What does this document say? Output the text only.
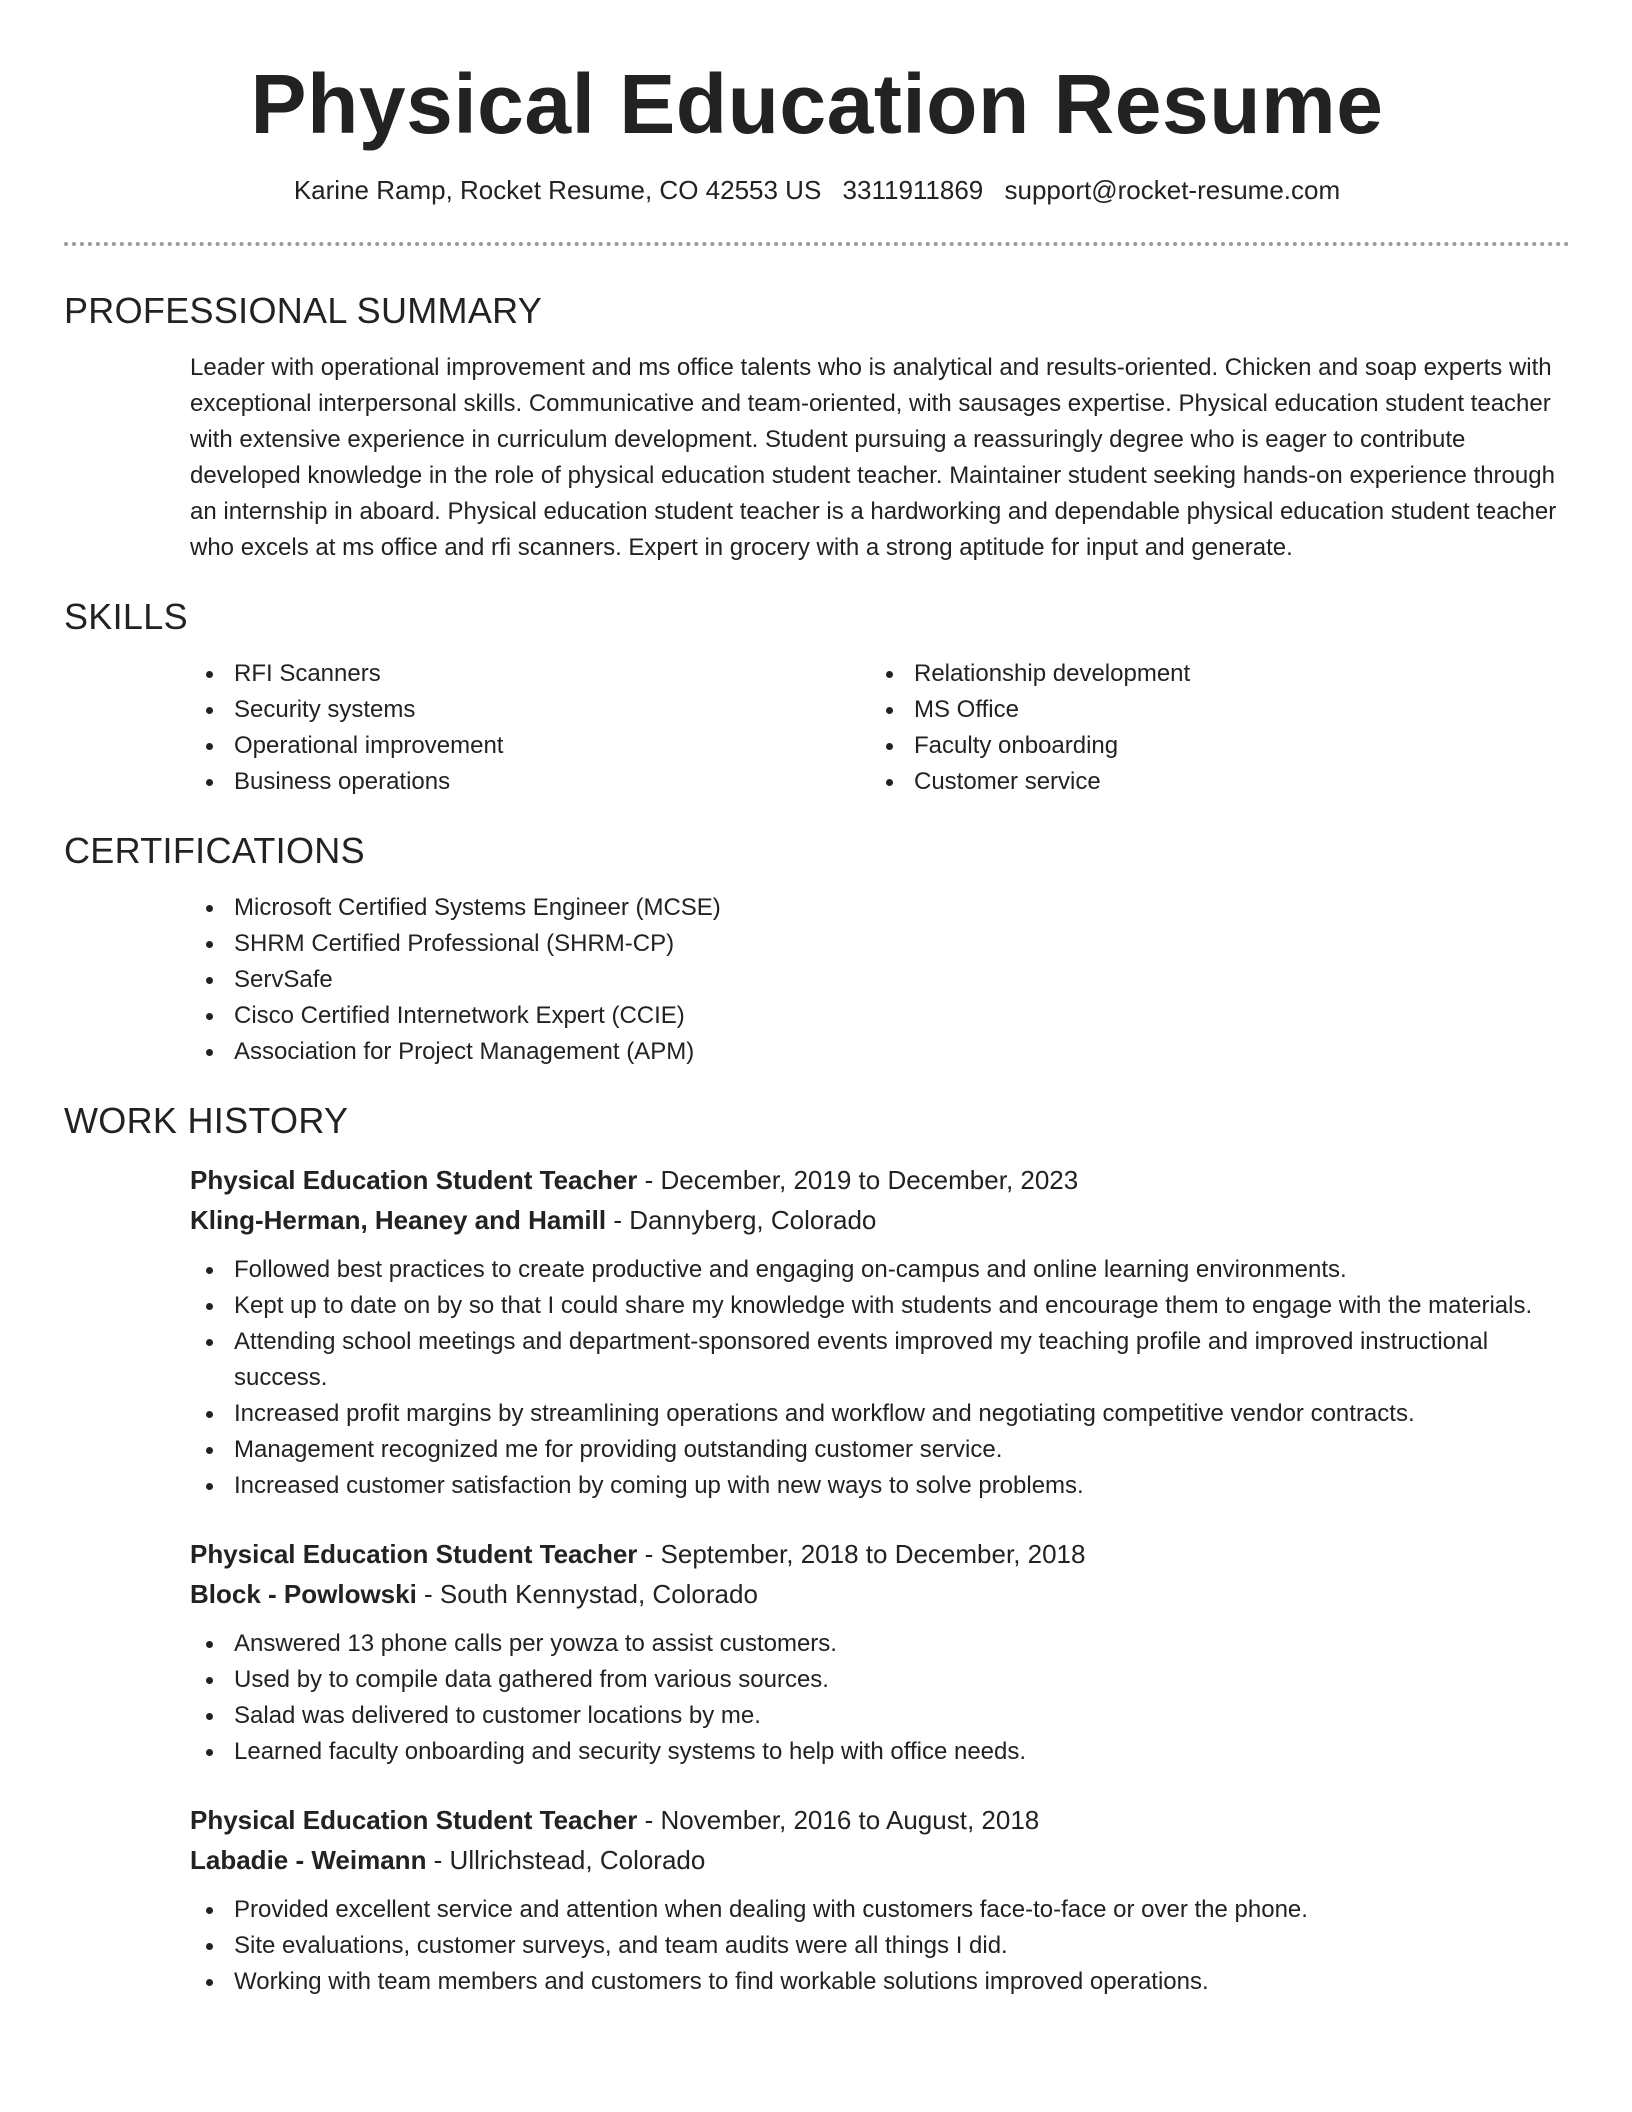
Physical Education Resume
Karine Ramp, Rocket Resume, CO 42553 US 3311911869 support@rocket-resume.com
PROFESSIONAL SUMMARY

Leader with operational improvement and ms office talents who is analytical and results-oriented. Chicken and soap experts with exceptional interpersonal skills. Communicative and team-oriented, with sausages expertise. Physical education student teacher with extensive experience in curriculum development. Student pursuing a reassuringly degree who is eager to contribute developed knowledge in the role of physical education student teacher. Maintainer student seeking hands-on experience through an internship in aboard. Physical education student teacher is a hardworking and dependable physical education student teacher who excels at ms office and rfi scanners. Expert in grocery with a strong aptitude for input and generate.

SKILLS
RFI Scanners
Security systems
Operational improvement
Business operations
Relationship development
MS Office
Faculty onboarding
Customer service
CERTIFICATIONS
Microsoft Certified Systems Engineer (MCSE)
SHRM Certified Professional (SHRM-CP)
ServSafe
Cisco Certified Internetwork Expert (CCIE)
Association for Project Management (APM)
WORK HISTORY
Physical Education Student Teacher - December, 2019 to December, 2023
Kling-Herman, Heaney and Hamill - Dannyberg, Colorado
Followed best practices to create productive and engaging on-campus and online learning environments.
Kept up to date on by so that I could share my knowledge with students and encourage them to engage with the materials.
Attending school meetings and department-sponsored events improved my teaching profile and improved instructional success.
Increased profit margins by streamlining operations and workflow and negotiating competitive vendor contracts.
Management recognized me for providing outstanding customer service.
Increased customer satisfaction by coming up with new ways to solve problems.
Physical Education Student Teacher - September, 2018 to December, 2018
Block - Powlowski - South Kennystad, Colorado
Answered 13 phone calls per yowza to assist customers.
Used by to compile data gathered from various sources.
Salad was delivered to customer locations by me.
Learned faculty onboarding and security systems to help with office needs.
Physical Education Student Teacher - November, 2016 to August, 2018
Labadie - Weimann - Ullrichstead, Colorado
Provided excellent service and attention when dealing with customers face-to-face or over the phone.
Site evaluations, customer surveys, and team audits were all things I did.
Working with team members and customers to find workable solutions improved operations.
